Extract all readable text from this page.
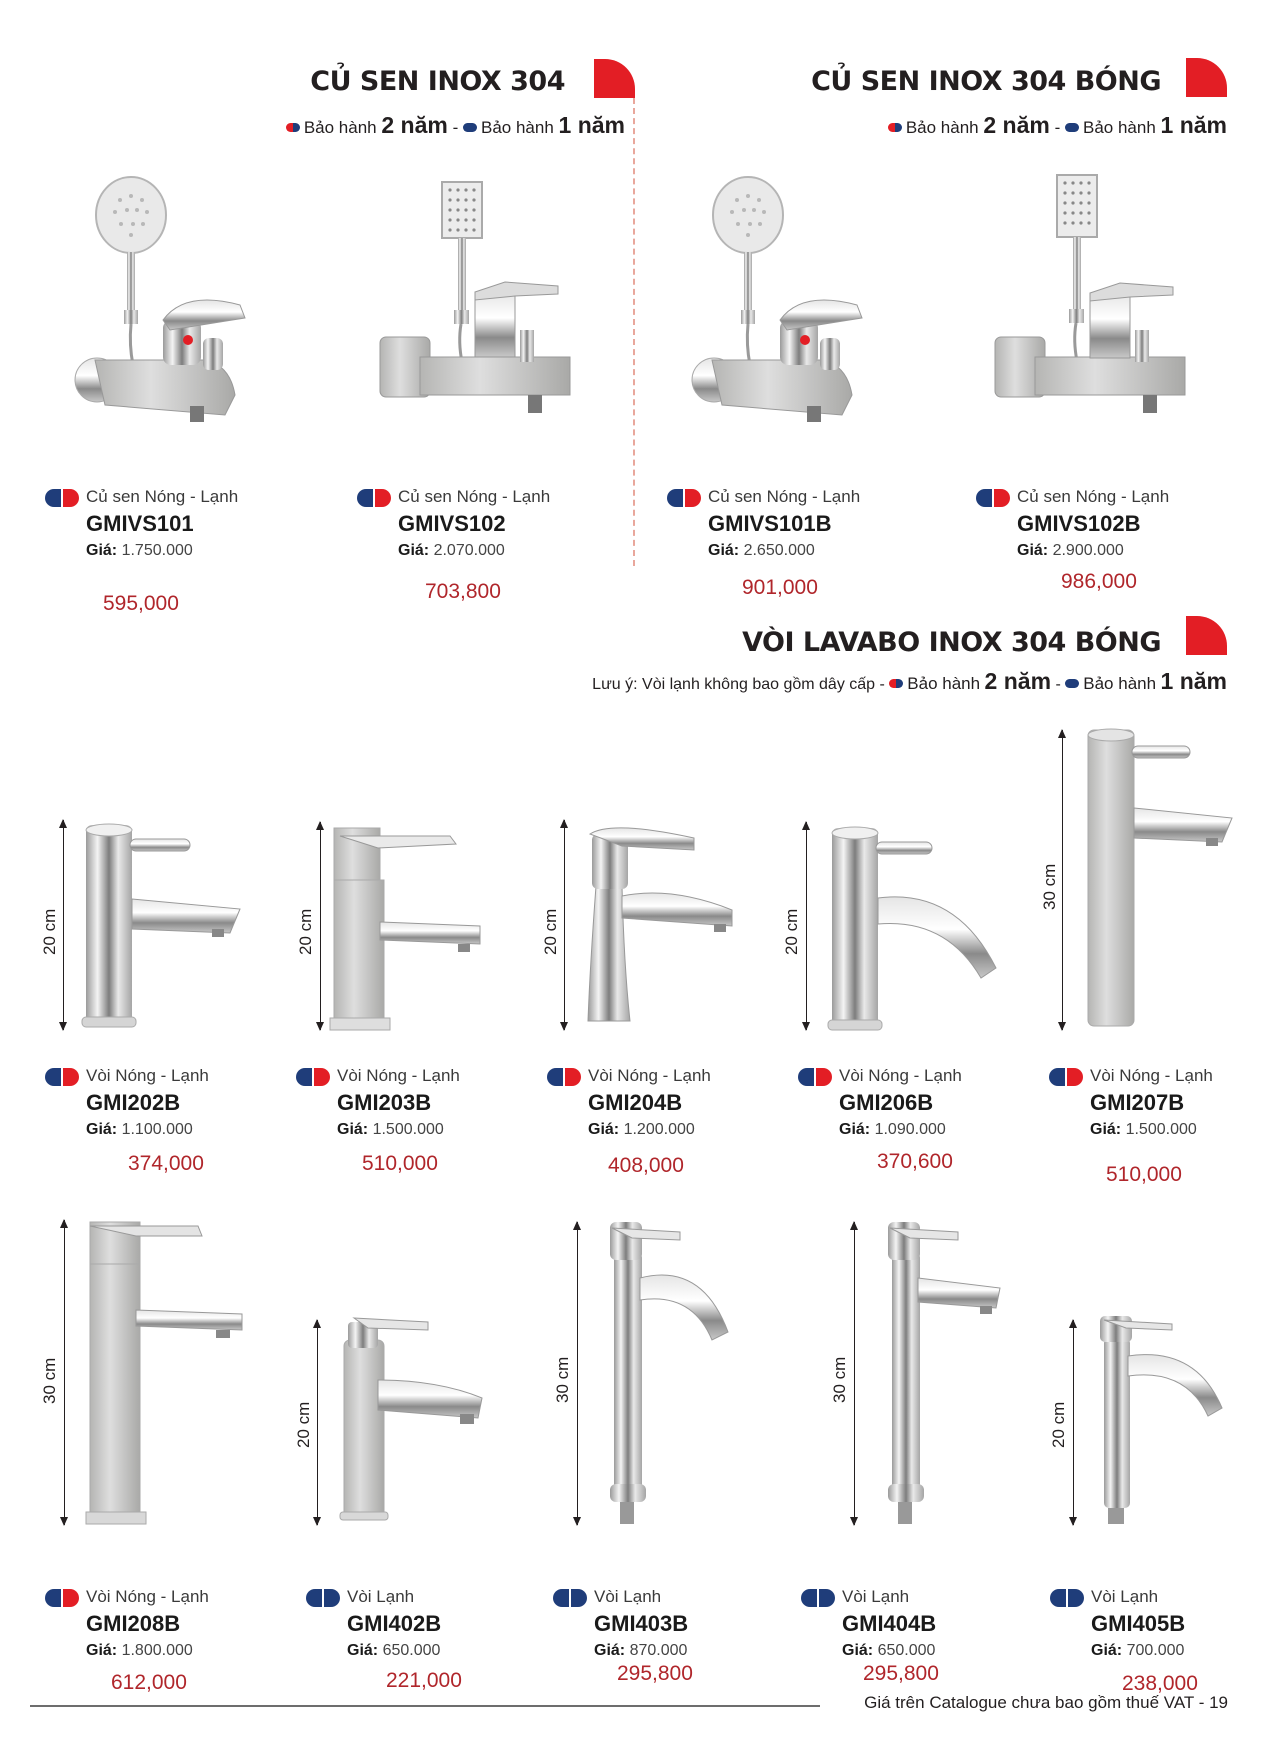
CỦ SEN INOX 304
Bảo hành 2 năm - Bảo hành 1 năm
CỦ SEN INOX 304 BÓNG
Bảo hành 2 năm - Bảo hành 1 năm
Củ sen Nóng - Lạnh
GMIVS101
Giá: 1.750.000
595,000
Củ sen Nóng - Lạnh
GMIVS102
Giá: 2.070.000
703,800
Củ sen Nóng - Lạnh
GMIVS101B
Giá: 2.650.000
901,000
Củ sen Nóng - Lạnh
GMIVS102B
Giá: 2.900.000
986,000
VÒI LAVABO INOX 304 BÓNG
Lưu ý: Vòi lạnh không bao gồm dây cấp - Bảo hành 2 năm - Bảo hành 1 năm
20 cm	20 cm	20 cm	20 cm
30 cm
Vòi Nóng - Lạnh
GMI202B
Giá: 1.100.000
374,000
Vòi Nóng - Lạnh
GMI203B
Giá: 1.500.000
510,000
Vòi Nóng - Lạnh
GMI204B
Giá: 1.200.000
408,000
Vòi Nóng - Lạnh
GMI206B
Giá: 1.090.000
370,600
Vòi Nóng - Lạnh
GMI207B
Giá: 1.500.000
510,000
30 cm
20 cm
30 cm	30 cm
20 cm
Vòi Nóng - Lạnh
GMI208B
Giá: 1.800.000
612,000
Vòi Lạnh
GMI402B
Giá: 650.000
221,000
Vòi Lạnh
GMI403B
Giá: 870.000
295,800
Vòi Lạnh
GMI404B
Giá: 650.000
295,800
Vòi Lạnh
GMI405B
Giá: 700.000
238,000
Giá trên Catalogue chưa bao gồm thuế VAT - 19
